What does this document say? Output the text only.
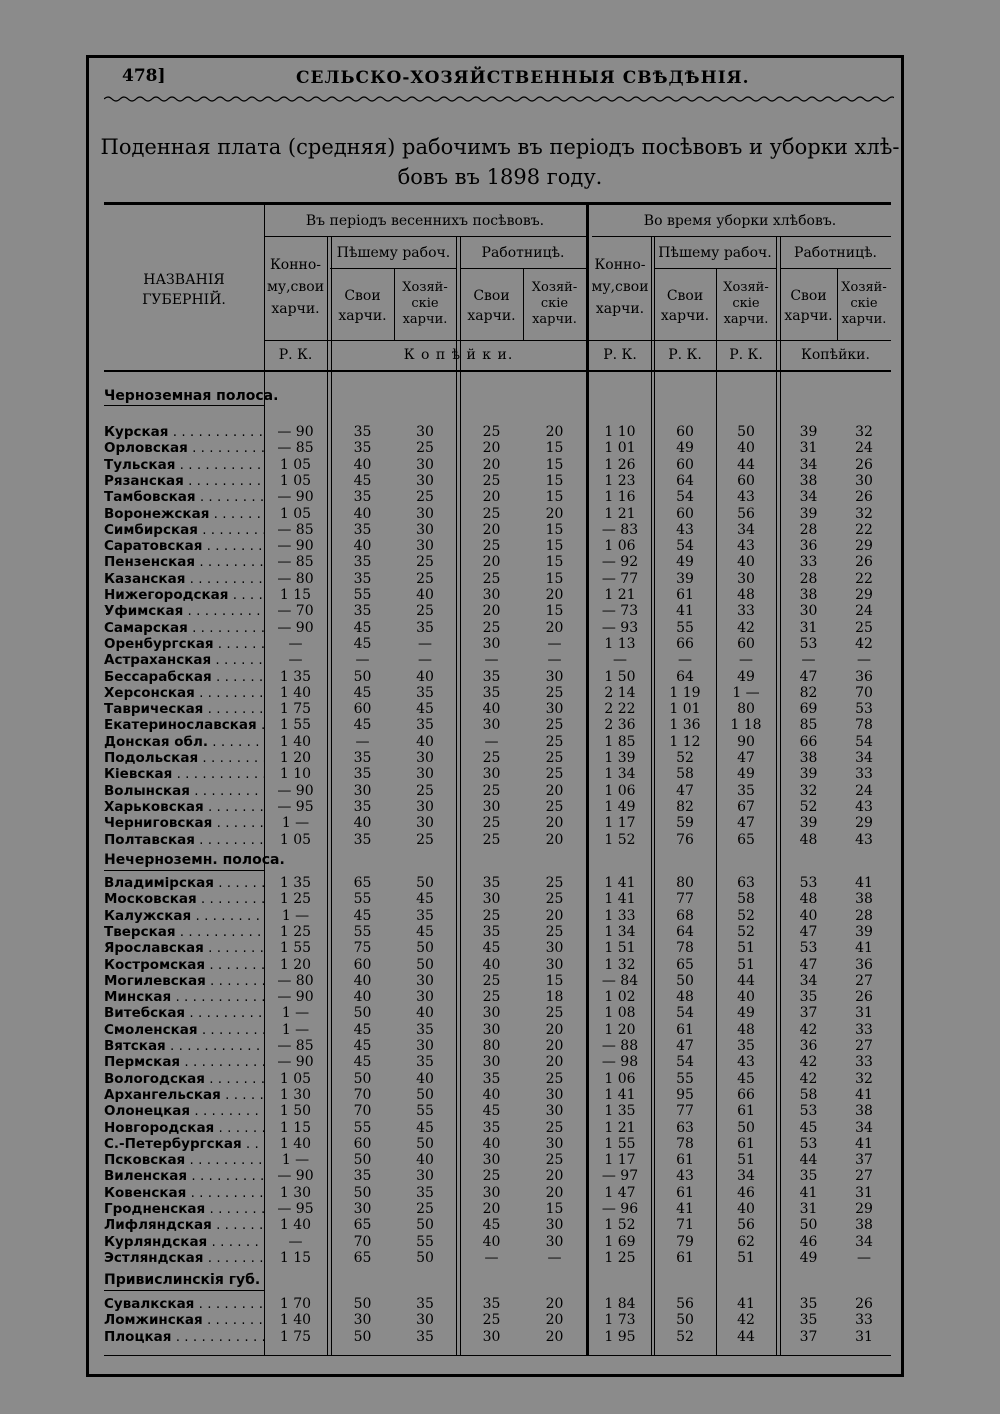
478]	СЕЛЬСКО-ХОЗЯЙСТВЕННЫЯ СВѢДѢНІЯ.
Поденная плата (средняя) рабочимъ въ періодъ посѣвовъ и уборки хлѣ-
бовъ въ 1898 году.
НАЗВАНІЯ
ГУБЕРНІЙ.
Въ періодъ весеннихъ посѣвовъ.	Во время уборки хлѣбовъ.
Конно-
му,свои
харчи.
Пѣшему рабоч.	Работницѣ.
Свои
харчи.
Хозяй-
скіе
харчи.
Свои
харчи.
Хозяй-
скіе
харчи.
Конно-
му,свои
харчи.
Пѣшему рабоч.	Работницѣ.
Свои
харчи.
Хозяй-
скіе
харчи.
Свои
харчи.
Хозяй-
скіе
харчи.
Р. К.	К о п ѣ й к и.	Р. К.	Р. К.	Р. К.	Копѣйки.
Черноземная полоса.
Курская . . .	— 90	35	30	25	20	1 10	60	50	39	32
Орловская . . .	— 85	35	25	20	15	1 01	49	40	31	24
Тульская . . .	1 05	40	30	20	15	1 26	60	44	34	26
Рязанская . . .	1 05	45	30	25	15	1 23	64	60	38	30
Тамбовская . . .	— 90	35	25	20	15	1 16	54	43	34	26
Воронежская . . .	1 05	40	30	25	20	1 21	60	56	39	32
Симбирская . . .	— 85	35	30	20	15	— 83	43	34	28	22
Саратовская . . .	— 90	40	30	25	15	1 06	54	43	36	29
Пензенская . . .	— 85	35	25	20	15	— 92	49	40	33	26
Казанская . . .	— 80	35	25	25	15	— 77	39	30	28	22
Нижегородская . . .	1 15	55	40	30	20	1 21	61	48	38	29
Уфимская . . .	— 70	35	25	20	15	— 73	41	33	30	24
Самарская . . .	— 90	45	35	25	20	— 93	55	42	31	25
Оренбургская . . .	—	45	—	30	—	1 13	66	60	53	42
Астраханская . . .	—	—	—	—	—	—	—	—	—	—
Бессарабская . . .	1 35	50	40	35	30	1 50	64	49	47	36
Херсонская . . .	1 40	45	35	35	25	2 14	1 19	1 —	82	70
Таврическая . . .	1 75	60	45	40	30	2 22	1 01	80	69	53
Екатеринославская . . .	1 55	45	35	30	25	2 36	1 36	1 18	85	78
Донская обл. . . .	1 40	—	40	—	25	1 85	1 12	90	66	54
Подольская . . .	1 20	35	30	25	25	1 39	52	47	38	34
Кіевская . . .	1 10	35	30	30	25	1 34	58	49	39	33
Волынская . . .	— 90	30	25	25	20	1 06	47	35	32	24
Харьковская . . .	— 95	35	30	30	25	1 49	82	67	52	43
Черниговская . . .	1 —	40	30	25	20	1 17	59	47	39	29
Полтавская . . .	1 05	35	25	25	20	1 52	76	65	48	43
Нечерноземн. полоса.
Владимірская . . .	1 35	65	50	35	25	1 41	80	63	53	41
Московская . . .	1 25	55	45	30	25	1 41	77	58	48	38
Калужская . . .	1 —	45	35	25	20	1 33	68	52	40	28
Тверская . . .	1 25	55	45	35	25	1 34	64	52	47	39
Ярославская . . .	1 55	75	50	45	30	1 51	78	51	53	41
Костромская . . .	1 20	60	50	40	30	1 32	65	51	47	36
Могилевская . . .	— 80	40	30	25	15	— 84	50	44	34	27
Минская . . .	— 90	40	30	25	18	1 02	48	40	35	26
Витебская . . .	1 —	50	40	30	25	1 08	54	49	37	31
Смоленская . . .	1 —	45	35	30	20	1 20	61	48	42	33
Вятская . . .	— 85	45	30	80	20	— 88	47	35	36	27
Пермская . . .	— 90	45	35	30	20	— 98	54	43	42	33
Вологодская . . .	1 05	50	40	35	25	1 06	55	45	42	32
Архангельская . . .	1 30	70	50	40	30	1 41	95	66	58	41
Олонецкая . . .	1 50	70	55	45	30	1 35	77	61	53	38
Новгородская . . .	1 15	55	45	35	25	1 21	63	50	45	34
С.-Петербургская . . .	1 40	60	50	40	30	1 55	78	61	53	41
Псковская . . .	1 —	50	40	30	25	1 17	61	51	44	37
Виленская . . .	— 90	35	30	25	20	— 97	43	34	35	27
Ковенская . . .	1 30	50	35	30	20	1 47	61	46	41	31
Гродненская . . .	— 95	30	25	20	15	— 96	41	40	31	29
Лифляндская . . .	1 40	65	50	45	30	1 52	71	56	50	38
Курляндская . . .	—	70	55	40	30	1 69	79	62	46	34
Эстляндская . . .	1 15	65	50	—	—	1 25	61	51	49	—
Привислинскія губ.
Сувалкская . . .	1 70	50	35	35	20	1 84	56	41	35	26
Ломжинская . . .	1 40	30	30	25	20	1 73	50	42	35	33
Плоцкая . . .	1 75	50	35	30	20	1 95	52	44	37	31
